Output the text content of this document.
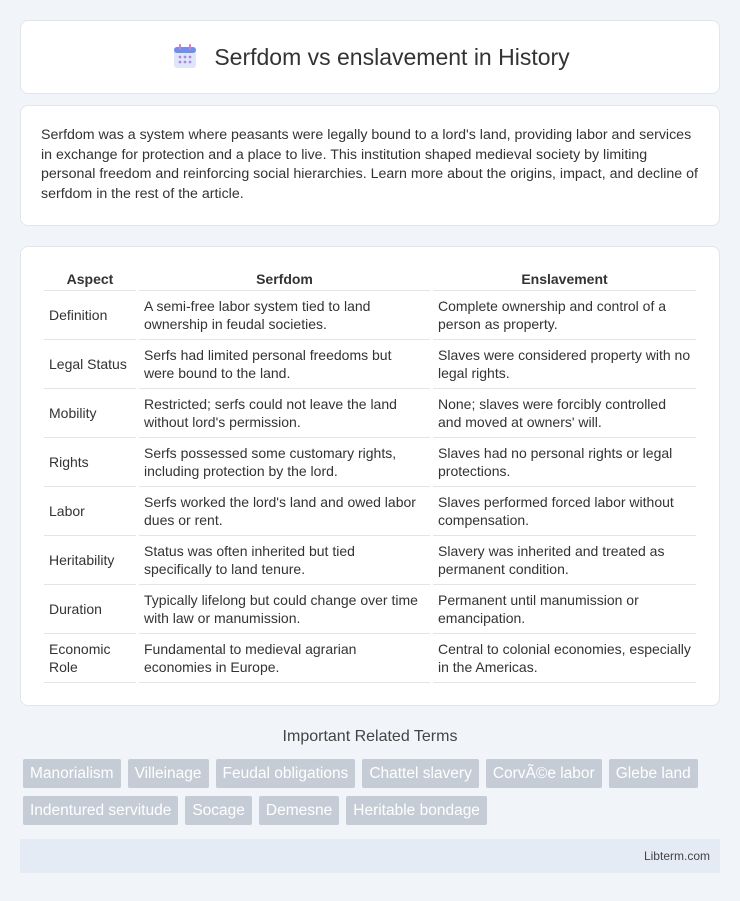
Serfdom vs enslavement in History

Serfdom was a system where peasants were legally bound to a lord's land, providing labor and services in exchange for protection and a place to live. This institution shaped medieval society by limiting personal freedom and reinforcing social hierarchies. Learn more about the origins, impact, and decline of serfdom in the rest of the article.

Aspect	Serfdom	Enslavement
Definition	A semi-free labor system tied to land ownership in feudal societies.	Complete ownership and control of a person as property.
Legal Status	Serfs had limited personal freedoms but were bound to the land.	Slaves were considered property with no legal rights.
Mobility	Restricted; serfs could not leave the land without lord's permission.	None; slaves were forcibly controlled and moved at owners' will.
Rights	Serfs possessed some customary rights, including protection by the lord.	Slaves had no personal rights or legal protections.
Labor	Serfs worked the lord's land and owed labor dues or rent.	Slaves performed forced labor without compensation.
Heritability	Status was often inherited but tied specifically to land tenure.	Slavery was inherited and treated as permanent condition.
Duration	Typically lifelong but could change over time with law or manumission.	Permanent until manumission or emancipation.
Economic Role	Fundamental to medieval agrarian economies in Europe.	Central to colonial economies, especially in the Americas.
Important Related Terms
Manorialism	Villeinage	Feudal obligations	Chattel slavery	CorvÃ©e labor	Glebe land
Indentured servitude	Socage	Demesne	Heritable bondage
Libterm.com
